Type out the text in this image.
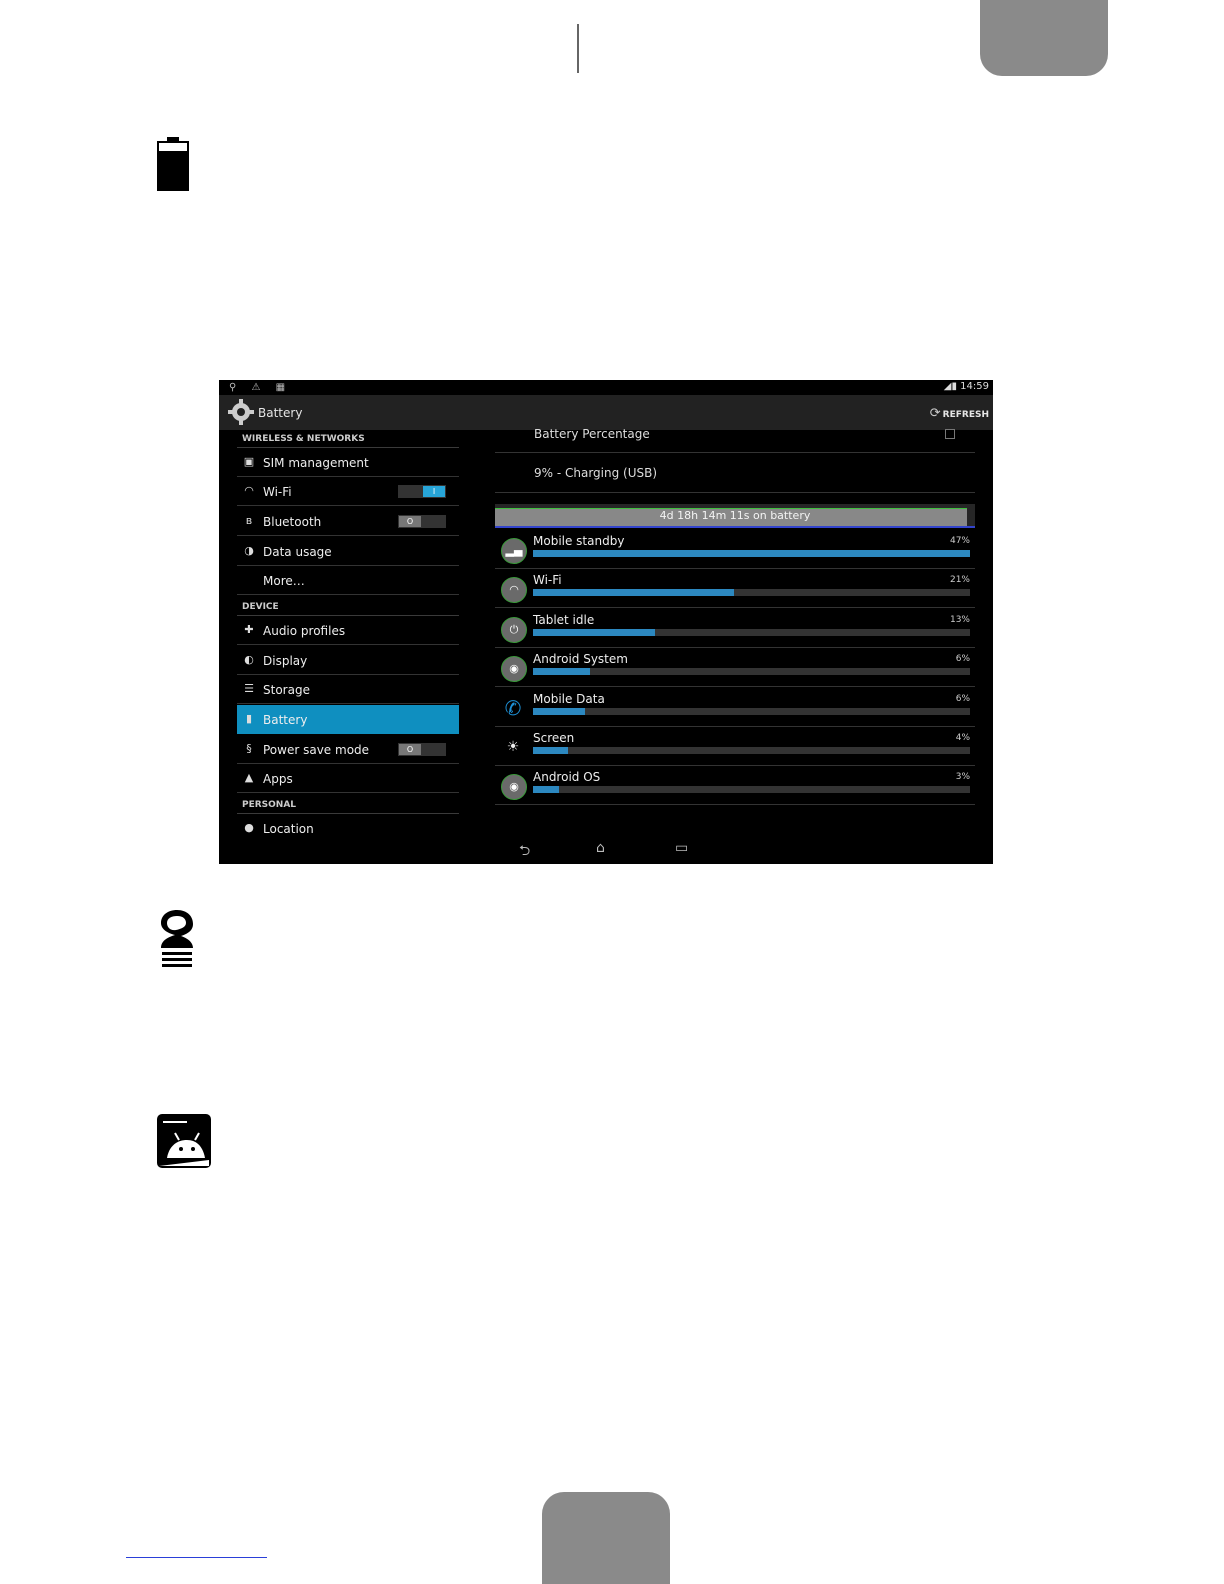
⚲ ⚠ ▦	◢▮ 14:59
Battery	⟳ REFRESH
WIRELESS & NETWORKS
▣ SIM management
◠ Wi-Fi	I
ʙ Bluetooth	O
◑ Data usage
More…
DEVICE
✚ Audio profiles
◐ Display
☰ Storage
▮ Battery
§ Power save mode	O
▲ Apps
PERSONAL
● Location
Battery Percentage
9% - Charging (USB)
4d 18h 14m 11s on battery
▂▄
Mobile standby	47%
◠
Wi-Fi	21%
⏻
Tablet idle	13%
◉
Android System	6%
✆ Mobile Data	6%
☀
Screen	4%
◉
Android OS	3%
⮌	⌂	▭
